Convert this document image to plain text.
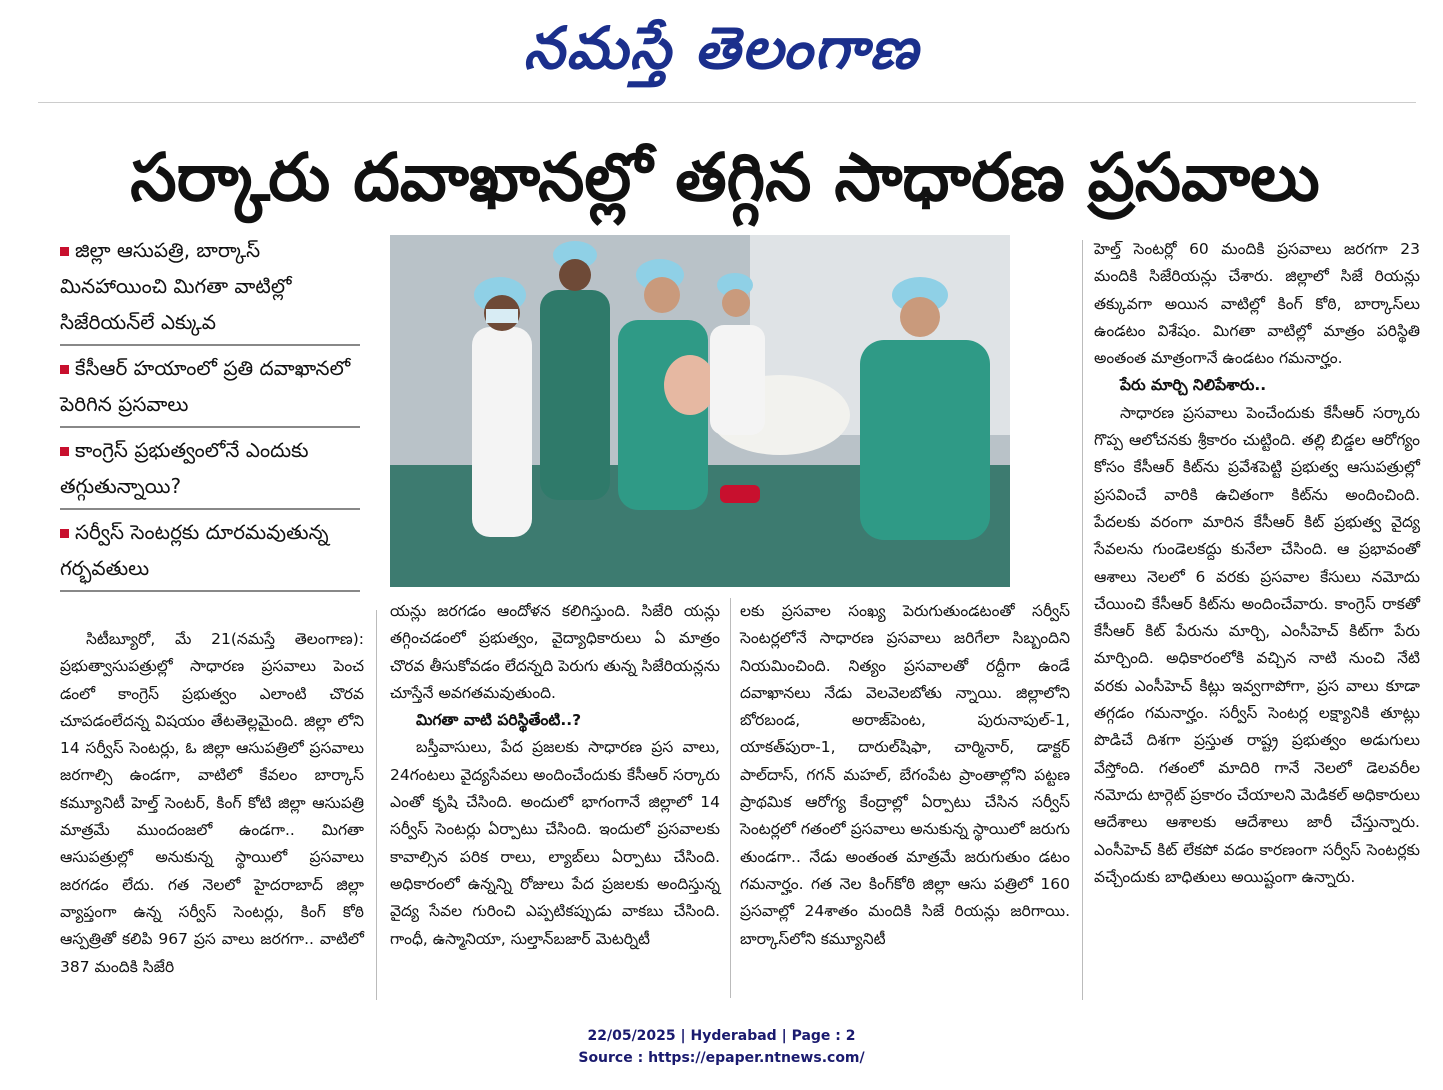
నమస్తే తెలంగాణ
సర్కారు దవాఖానల్లో తగ్గిన సాధారణ ప్రసవాలు
జిల్లా ఆసుపత్రి, బార్కాస్ మినహాయించి మిగతా వాటిల్లో సిజేరియన్‌లే ఎక్కువ
కేసీఆర్ హయాంలో ప్రతి దవాఖానలో పెరిగిన ప్రసవాలు
కాంగ్రెస్ ప్రభుత్వంలోనే ఎందుకు తగ్గుతున్నాయి?
సర్వీస్ సెంటర్లకు దూరమవుతున్న గర్భవతులు

సిటీబ్యూరో, మే 21(నమస్తే తెలంగాణ): ప్రభుత్వాసుపత్రుల్లో సాధారణ ప్రసవాలు పెంచ డంలో కాంగ్రెస్ ప్రభుత్వం ఎలాంటి చొరవ చూపడంలేదన్న విషయం తేటతెల్లమైంది. జిల్లా లోని 14 సర్వీస్ సెంటర్లు, ఓ జిల్లా ఆసుపత్రిలో ప్రసవాలు జరగాల్సి ఉండగా, వాటిలో కేవలం బార్కాస్ కమ్యూనిటీ హెల్త్ సెంటర్, కింగ్ కోటి జిల్లా ఆసుపత్రి మాత్రమే ముందంజలో ఉండగా.. మిగతా ఆసుపత్రుల్లో అనుకున్న స్థాయిలో ప్రసవాలు జరగడం లేదు. గత నెలలో హైదరాబాద్ జిల్లా వ్యాప్తంగా ఉన్న సర్వీస్ సెంటర్లు, కింగ్ కోఠి ఆస్పత్రితో కలిపి 967 ప్రస వాలు జరగగా.. వాటిలో 387 మందికి సిజేరి

యన్లు జరగడం ఆందోళన కలిగిస్తుంది. సిజేరి యన్లు తగ్గించడంలో ప్రభుత్వం, వైద్యాధికారులు ఏ మాత్రం చొరవ తీసుకోవడం లేదన్నది పెరుగు తున్న సిజేరియన్లను చూస్తేనే అవగతమవుతుంది.

మిగతా వాటి పరిస్థితేంటి..?

బస్తీవాసులు, పేద ప్రజలకు సాధారణ ప్రస వాలు, 24గంటలు వైద్యసేవలు అందించేందుకు కేసీఆర్ సర్కారు ఎంతో కృషి చేసింది. అందులో భాగంగానే జిల్లాలో 14 సర్వీస్ సెంటర్లు ఏర్పాటు చేసింది. ఇందులో ప్రసవాలకు కావాల్సిన పరిక రాలు, ల్యాబ్‌లు ఏర్పాటు చేసింది. అధికారంలో ఉన్నన్ని రోజులు పేద ప్రజలకు అందిస్తున్న వైద్య సేవల గురించి ఎప్పటికప్పుడు వాకబు చేసింది. గాంధీ, ఉస్మానియా, సుల్తాన్‌బజార్ మెటర్నిటీ

లకు ప్రసవాల సంఖ్య పెరుగుతుండటంతో సర్వీస్ సెంటర్లలోనే సాధారణ ప్రసవాలు జరిగేలా సిబ్బందిని నియమించింది. నిత్యం ప్రసవాలతో రద్దీగా ఉండే దవాఖానలు నేడు వెలవెలబోతు న్నాయి. జిల్లాలోని బోరబండ, అరాజ్‌పెంట, పురునాపుల్-1, యాకత్‌పురా-1, దారుల్‌షిఫా, చార్మినార్, డాక్టర్ పాల్‌దాస్, గగన్ మహల్, బేగంపేట ప్రాంతాల్లోని పట్టణ ప్రాథమిక ఆరోగ్య కేంద్రాల్లో ఏర్పాటు చేసిన సర్వీస్ సెంటర్లలో గతంలో ప్రసవాలు అనుకున్న స్థాయిలో జరుగు తుండగా.. నేడు అంతంత మాత్రమే జరుగుతుం డటం గమనార్హం. గత నెల కింగ్‌కోఠి జిల్లా ఆసు పత్రిలో 160 ప్రసవాల్లో 24శాతం మందికి సిజే రియన్లు జరిగాయి. బార్కాస్‌లోని కమ్యూనిటీ

హెల్త్ సెంటర్లో 60 మందికి ప్రసవాలు జరగగా 23 మందికి సిజేరియన్లు చేశారు. జిల్లాలో సిజే రియన్లు తక్కువగా అయిన వాటిల్లో కింగ్ కోఠి, బార్కాస్‌లు ఉండటం విశేషం. మిగతా వాటిల్లో మాత్రం పరిస్థితి అంతంత మాత్రంగానే ఉండటం గమనార్హం.

పేరు మార్చి నిలిపేశారు..

సాధారణ ప్రసవాలు పెంచేందుకు కేసీఆర్ సర్కారు గొప్ప ఆలోచనకు శ్రీకారం చుట్టింది. తల్లి బిడ్డల ఆరోగ్యం కోసం కేసీఆర్ కిట్‌ను ప్రవేశపెట్టి ప్రభుత్వ ఆసుపత్రుల్లో ప్రసవించే వారికి ఉచితంగా కిట్‌ను అందించింది. పేదలకు వరంగా మారిన కేసీఆర్ కిట్ ప్రభుత్వ వైద్య సేవలను గుండెలకద్దు కునేలా చేసింది. ఆ ప్రభావంతో ఆశాలు నెలలో 6 వరకు ప్రసవాల కేసులు నమోదు చేయించి కేసీఆర్ కిట్‌ను అందించేవారు. కాంగ్రెస్ రాకతో కేసీఆర్ కిట్ పేరును మార్చి, ఎంసీహెచ్ కిట్‌గా పేరు మార్చింది. అధికారంలోకి వచ్చిన నాటి నుంచి నేటి వరకు ఎంసీహెచ్ కిట్లు ఇవ్వగాపోగా, ప్రస వాలు కూడా తగ్గడం గమనార్హం. సర్వీస్ సెంటర్ల లక్ష్యానికి తూట్లు పొడిచే దిశగా ప్రస్తుత రాష్ట్ర ప్రభుత్వం అడుగులు వేస్తోంది. గతంలో మాదిరి గానే నెలలో డెలవరీల నమోదు టార్గెట్ ప్రకారం చేయాలని మెడికల్ అధికారులు ఆదేశాలు ఆశాలకు ఆదేశాలు జారీ చేస్తున్నారు. ఎంసీహెచ్ కిట్ లేకపో వడం కారణంగా సర్వీస్ సెంటర్లకు వచ్చేందుకు బాధితులు అయిష్టంగా ఉన్నారు.

22/05/2025 | Hyderabad | Page : 2
Source : https://epaper.ntnews.com/
